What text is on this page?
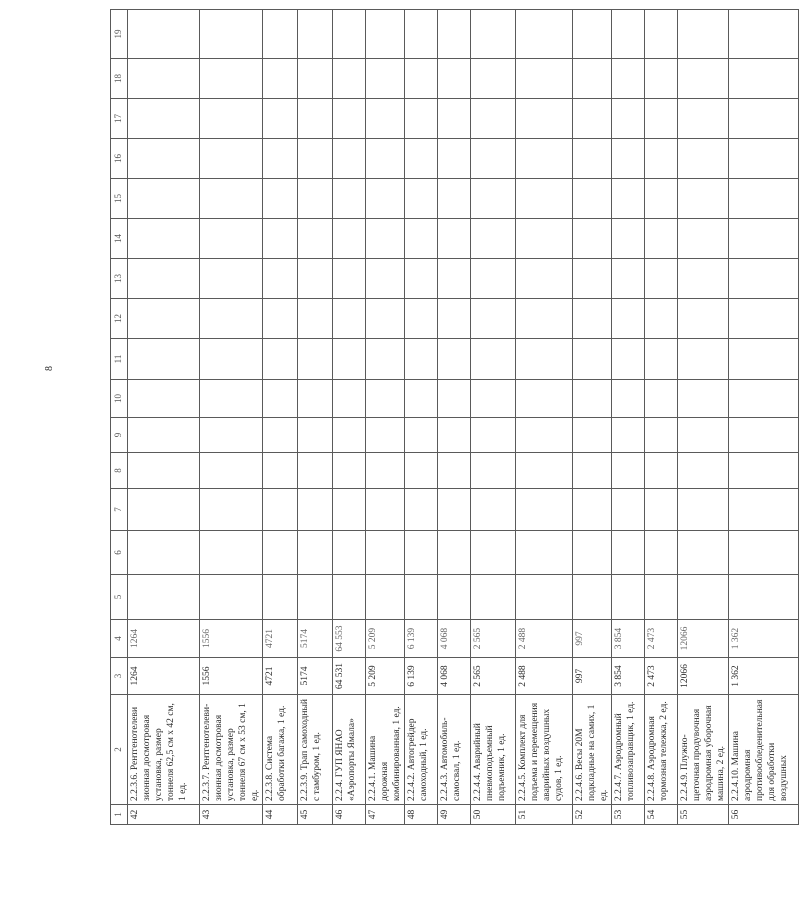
8
1	2	3	4	5	6	7	8	9	10	11	12	13	14	15	16	17	18	19
42	2.2.3.6. Рентгенотелеви зионная досмотровая установка, размер тоннеля 62,5 см х 42 см, 1 ед.	1264	1264															
43	2.2.3.7. Рентгенотелеви- зионная досмотровая установка, размер тоннеля 67 см х 53 см, 1 ед.	1556	1556															
44	2.2.3.8. Система обработки багажа, 1 ед.	4721	4721															
45	2.2.3.9. Трап самоходный с тамбуром, 1 ед.	5174	5174															
46	2.2.4. ГУП ЯНАО «Аэропорты Ямала»	64 531	64 553															
47	2.2.4.1. Машина дорожная комбинированная, 1 ед.	5 209	5 209															
48	2.2.4.2. Автогрейдер самоходный, 1 ед.	6 139	6 139															
49	2.2.4.3. Автомобиль- самосвал, 1 ед.	4 068	4 068															
50	2.2.4.4. Аварийный пневмоподъемный подъемник, 1 ед.	2 565	2 565															
51	2.2.4.5. Комплект для подъема и перемещения аварийных воздушных судов, 1 ед.	2 488	2 488															
52	2.2.4.6. Весы 20М подкладные на самих, 1 ед.	997	997															
53	2.2.4.7. Аэродромный топливозаправщик, 1 ед.	3 854	3 854															
54	2.2.4.8. Аэродромная тормозная тележка, 2 ед.	2 473	2 473															
55	2.2.4.9. Плужно-щеточная продувочная аэродромная уборочная машина, 2 ед.	12066	12066															
56	2.2.4.10. Машина аэродромная противообледенительная для обработки воздушных	1 362	1 362															
